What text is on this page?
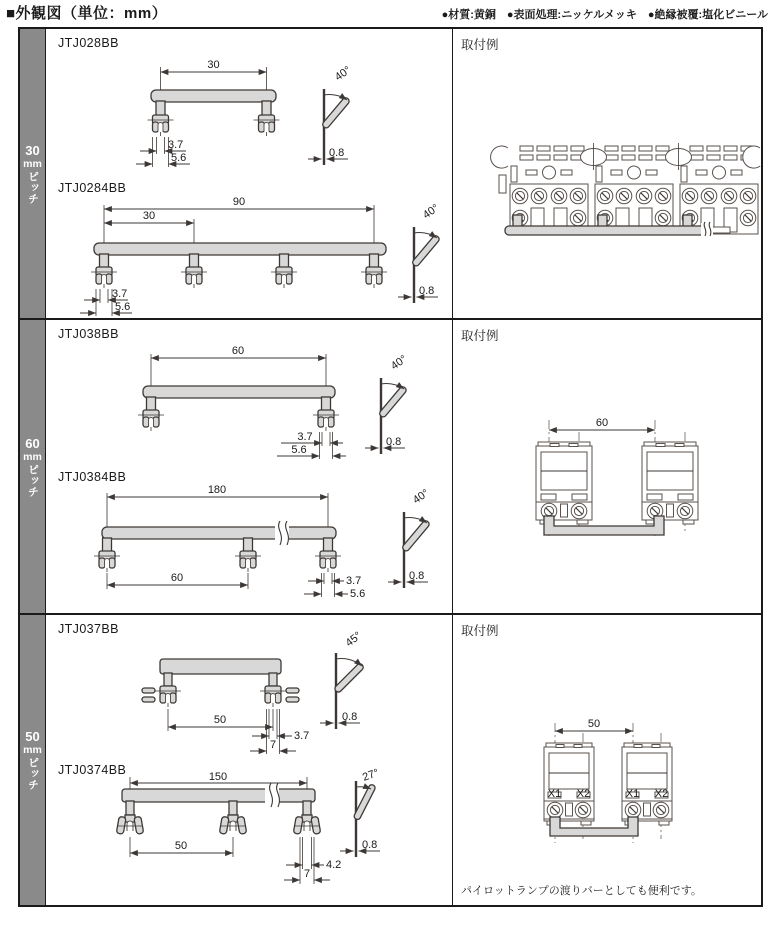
■外観図（単位：mm）	●材質:黄銅　●表面処理:ニッケルメッキ　●絶縁被覆:塩化ビニール
30
mm
ピッチ
JTJ028BB
30
3.7
5.6
40°
0.8
JTJ0284BB
90
30
3.7
5.6
40°
0.8
取付例
60
mm
ピッチ
JTJ038BB
60
3.7
5.6
40°
0.8
JTJ0384BB
180
60	3.7
5.6
40°
0.8
取付例
60
50
mm
ピッチ
JTJ037BB
50
3.7
7
45°
0.8
JTJ0374BB	150
50
4.2
7
27°
0.8
取付例
50
X1 X2	X1 X2
パイロットランプの渡りバーとしても便利です。
